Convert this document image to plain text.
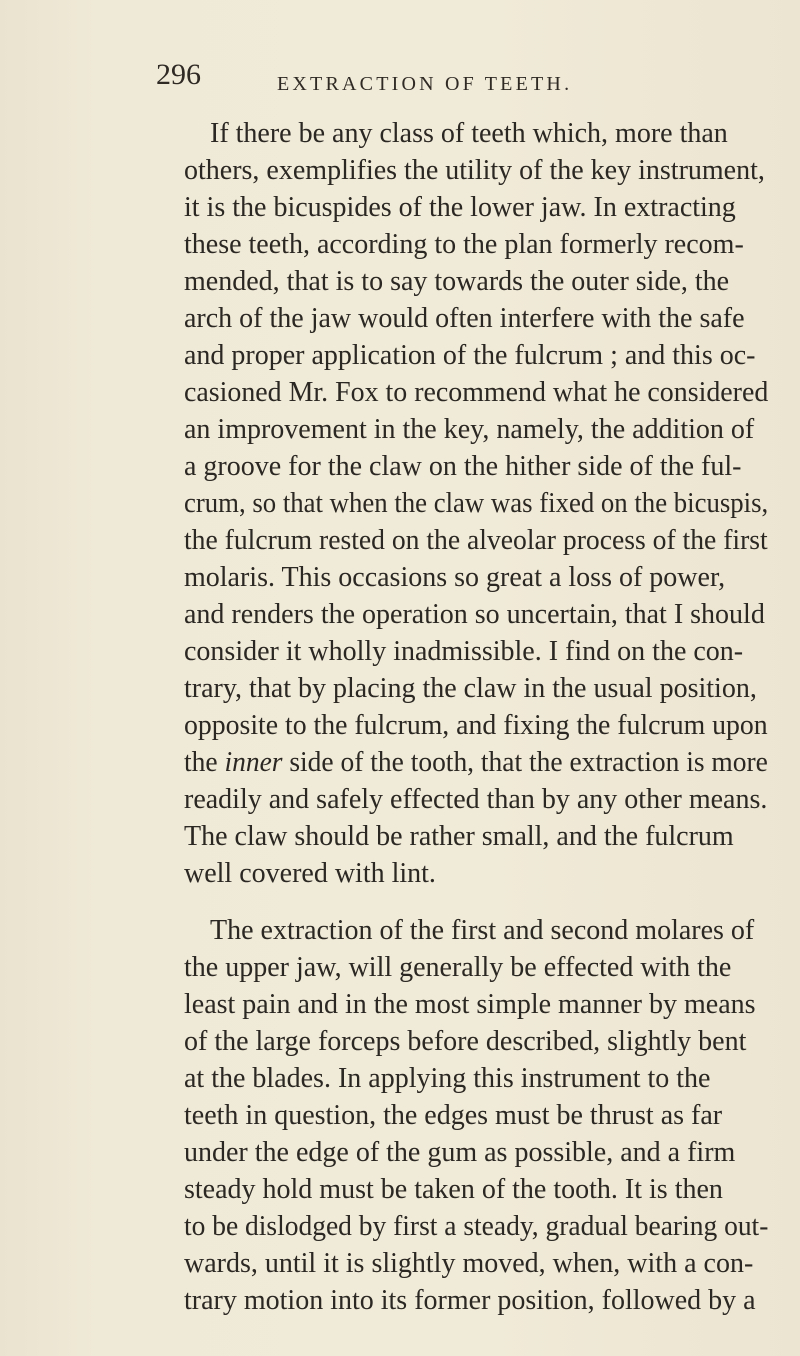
296	EXTRACTION OF TEETH.
If there be any class of teeth which, more than
others, exemplifies the utility of the key instrument,
it is the bicuspides of the lower jaw. In extracting
these teeth, according to the plan formerly recom-
mended, that is to say towards the outer side, the
arch of the jaw would often interfere with the safe
and proper application of the fulcrum ; and this oc-
casioned Mr. Fox to recommend what he considered
an improvement in the key, namely, the addition of
a groove for the claw on the hither side of the ful-
crum, so that when the claw was fixed on the bicuspis,
the fulcrum rested on the alveolar process of the first
molaris. This occasions so great a loss of power,
and renders the operation so uncertain, that I should
consider it wholly inadmissible. I find on the con-
trary, that by placing the claw in the usual position,
opposite to the fulcrum, and fixing the fulcrum upon
the inner side of the tooth, that the extraction is more
readily and safely effected than by any other means.
The claw should be rather small, and the fulcrum
well covered with lint.
The extraction of the first and second molares of
the upper jaw, will generally be effected with the
least pain and in the most simple manner by means
of the large forceps before described, slightly bent
at the blades. In applying this instrument to the
teeth in question, the edges must be thrust as far
under the edge of the gum as possible, and a firm
steady hold must be taken of the tooth. It is then
to be dislodged by first a steady, gradual bearing out-
wards, until it is slightly moved, when, with a con-
trary motion into its former position, followed by a
